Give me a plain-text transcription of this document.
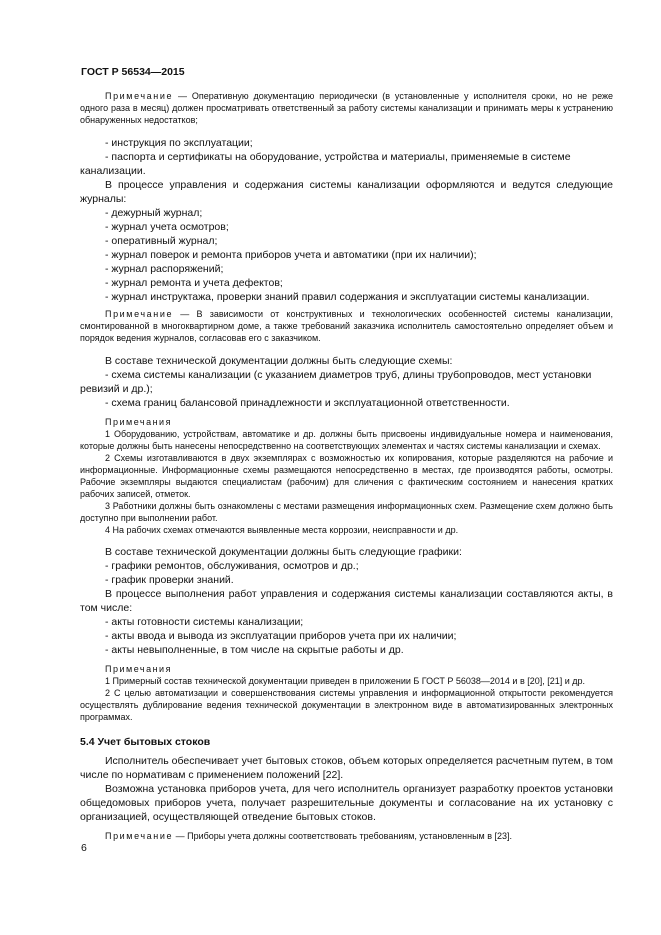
ГОСТ Р 56534—2015

Примечание — Оперативную документацию периодически (в установленные у исполнителя сроки, но не реже одного раза в месяц) должен просматривать ответственный за работу системы канализации и принимать меры к устранению обнаруженных недостатков;

- инструкция по эксплуатации;

- паспорта и сертификаты на оборудование, устройства и материалы, применяемые в системе канализации.

В процессе управления и содержания системы канализации оформляются и ведутся следующие журналы:

- дежурный журнал;

- журнал учета осмотров;

- оперативный журнал;

- журнал поверок и ремонта приборов учета и автоматики (при их наличии);

- журнал распоряжений;

- журнал ремонта и учета дефектов;

- журнал инструктажа, проверки знаний правил содержания и эксплуатации системы канализации.

Примечание — В зависимости от конструктивных и технологических особенностей системы канализации, смонтированной в многоквартирном доме, а также требований заказчика исполнитель самостоятельно определяет объем и порядок ведения журналов, согласовав его с заказчиком.

В составе технической документации должны быть следующие схемы:

- схема системы канализации (с указанием диаметров труб, длины трубопроводов, мест установки ревизий и др.);

- схема границ балансовой принадлежности и эксплуатационной ответственности.

Примечания

1 Оборудованию, устройствам, автоматике и др. должны быть присвоены индивидуальные номера и наименования, которые должны быть нанесены непосредственно на соответствующих элементах и частях системы канализации и схемах.

2 Схемы изготавливаются в двух экземплярах с возможностью их копирования, которые разделяются на рабочие и информационные. Информационные схемы размещаются непосредственно в местах, где производятся работы, осмотры. Рабочие экземпляры выдаются специалистам (рабочим) для сличения с фактическим состоянием и нанесения кратких рабочих записей, отметок.

3 Работники должны быть ознакомлены с местами размещения информационных схем. Размещение схем должно быть доступно при выполнении работ.

4 На рабочих схемах отмечаются выявленные места коррозии, неисправности и др.

В составе технической документации должны быть следующие графики:

- графики ремонтов, обслуживания, осмотров и др.;

- график проверки знаний.

В процессе выполнения работ управления и содержания системы канализации составляются акты, в том числе:

- акты готовности системы канализации;

- акты ввода и вывода из эксплуатации приборов учета при их наличии;

- акты невыполненные, в том числе на скрытые работы и др.

Примечания

1 Примерный состав технической документации приведен в приложении Б ГОСТ Р 56038—2014 и в [20], [21] и др.

2 С целью автоматизации и совершенствования системы управления и информационной открытости рекомендуется осуществлять дублирование ведения технической документации в электронном виде в автоматизированных электронных программах.

5.4 Учет бытовых стоков

Исполнитель обеспечивает учет бытовых стоков, объем которых определяется расчетным путем, в том числе по нормативам с применением положений [22].

Возможна установка приборов учета, для чего исполнитель организует разработку проектов установки общедомовых приборов учета, получает разрешительные документы и согласование на их установку с организацией, осуществляющей отведение бытовых стоков.

Примечание — Приборы учета должны соответствовать требованиям, установленным в [23].

6
